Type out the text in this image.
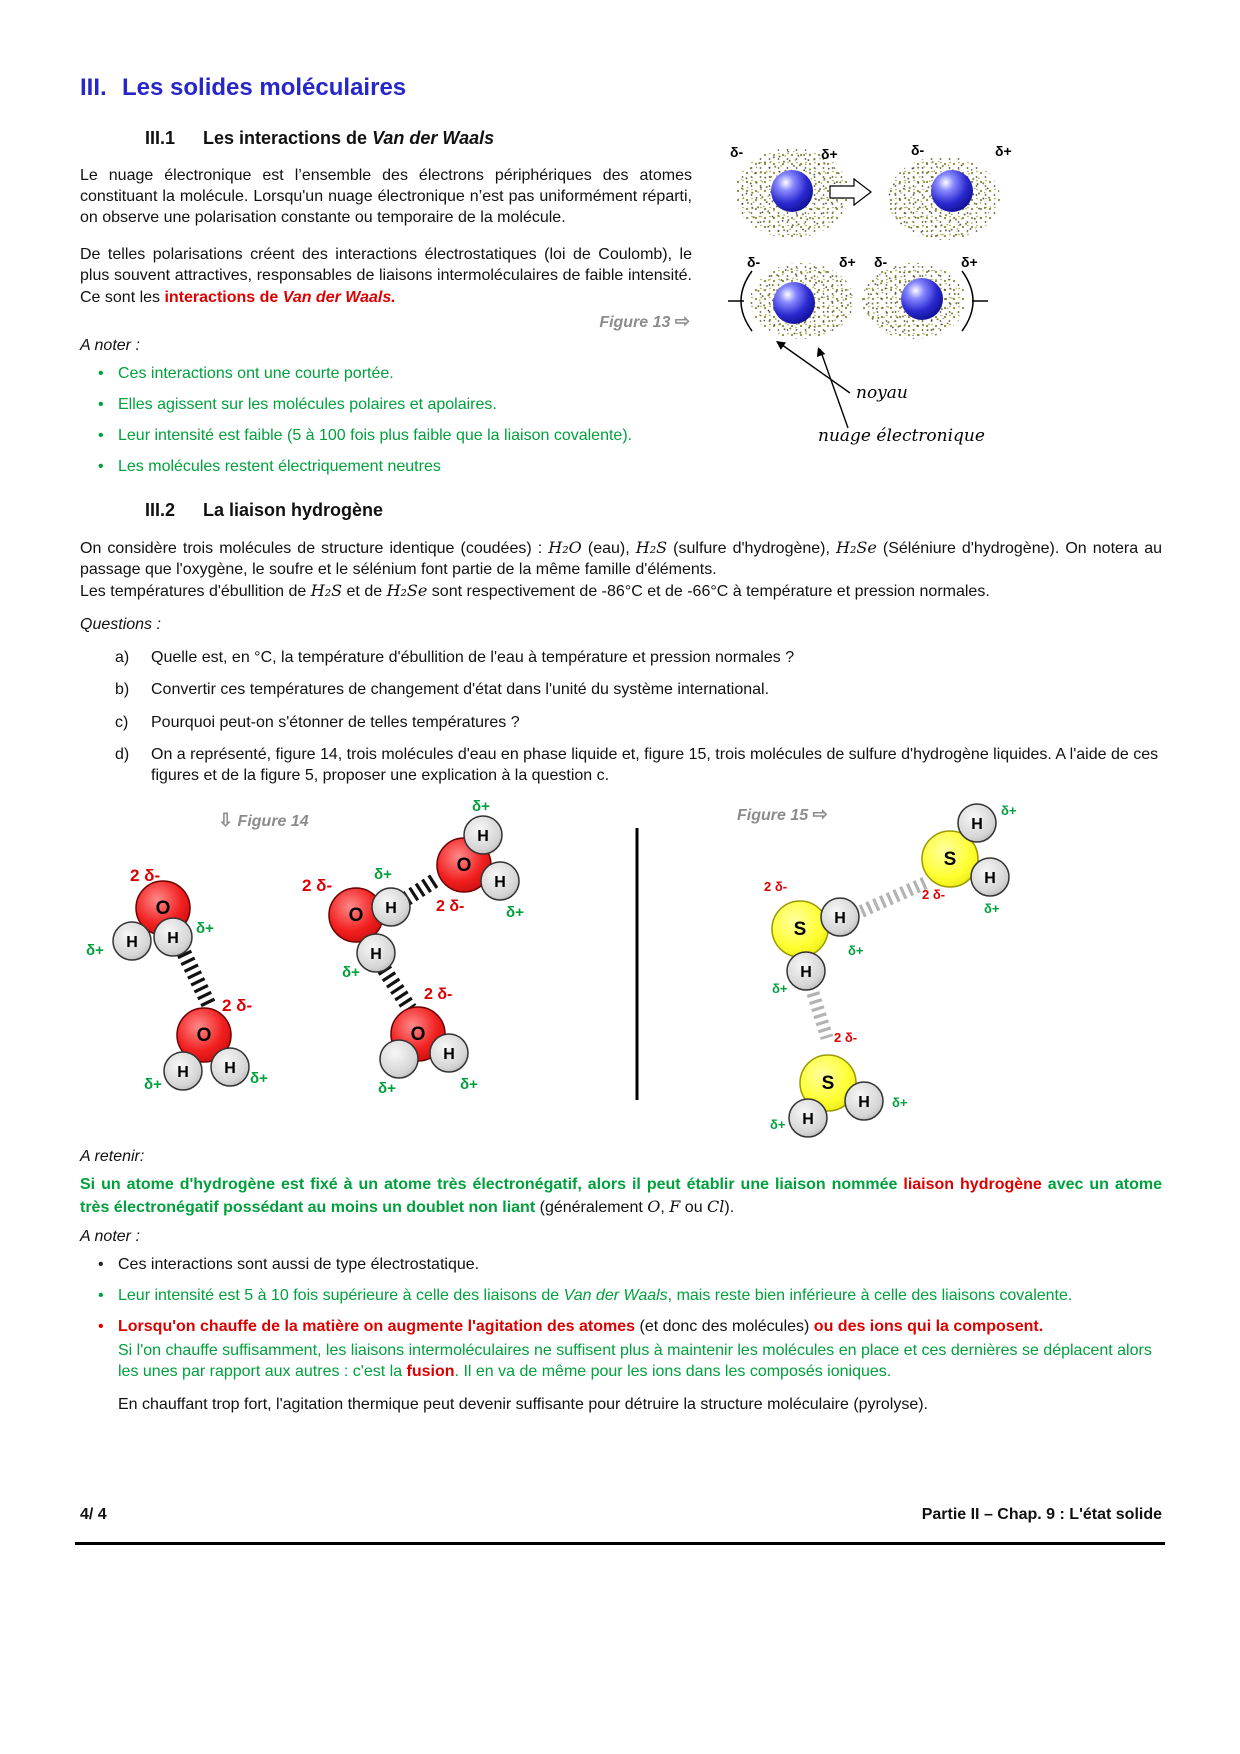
III. Les solides moléculaires
III.1 Les interactions de Van der Waals

Le nuage électronique est l’ensemble des électrons périphériques des atomes constituant la molécule. Lorsqu'un nuage électronique n’est pas uniformément réparti, on observe une polarisation constante ou temporaire de la molécule.

De telles polarisations créent des interactions électrostatiques (loi de Coulomb), le plus souvent attractives, responsables de liaisons intermoléculaires de faible intensité. Ce sont les interactions de Van der Waals.

Figure 13 ⇨
A noter :
• Ces interactions ont une courte portée.
• Elles agissent sur les molécules polaires et apolaires.
• Leur intensité est faible (5 à 100 fois plus faible que la liaison covalente).
• Les molécules restent électriquement neutres
δ-	δ+	δ-	δ+
δ-	δ+ δ-	δ+
noyau
nuage électronique
III.2 La liaison hydrogène

On considère trois molécules de structure identique (coudées) : H₂O (eau), H₂S (sulfure d'hydrogène), H₂Se (Séléniure d'hydrogène). On notera au passage que l'oxygène, le soufre et le sélénium font partie de la même famille d'éléments.

Les températures d'ébullition de H₂S et de H₂Se sont respectivement de -86°C et de -66°C à température et pression normales.

Questions :
a)	Quelle est, en °C, la température d'ébullition de l'eau à température et pression normales ?
b)	Convertir ces températures de changement d'état dans l'unité du système international.
c)	Pourquoi peut-on s'étonner de telles températures ?
d)	On a représenté, figure 14, trois molécules d'eau en phase liquide et, figure 15, trois molécules de sulfure d'hydrogène liquides. A l'aide de ces figures et de la figure 5, proposer une explication à la question c.
⇩ Figure 14	Figure 15 ⇨
O
H H
2 δ-
δ+
δ+
O
H H
2 δ-
δ+	δ+
O H
H
2 δ-
δ+
δ+
O
H
H
δ+
2 δ-	δ+
O
H
2 δ-
δ+	δ+
S
H
H
δ+
δ+
2 δ-
S
H
H
2 δ-
δ+
δ+
S
H
H
2 δ-
δ+
δ+
A retenir:

Si un atome d'hydrogène est fixé à un atome très électronégatif, alors il peut établir une liaison nommée liaison hydrogène avec un atome très électronégatif possédant au moins un doublet non liant (généralement O, F ou Cl).

A noter :
• Ces interactions sont aussi de type électrostatique.
• Leur intensité est 5 à 10 fois supérieure à celle des liaisons de Van der Waals, mais reste bien inférieure à celle des liaisons covalente.
• Lorsqu'on chauffe de la matière on augmente l'agitation des atomes (et donc des molécules) ou des ions qui la composent.
Si l'on chauffe suffisamment, les liaisons intermoléculaires ne suffisent plus à maintenir les molécules en place et ces dernières se déplacent alors les unes par rapport aux autres : c'est la fusion. Il en va de même pour les ions dans les composés ioniques.

En chauffant trop fort, l'agitation thermique peut devenir suffisante pour détruire la structure moléculaire (pyrolyse).

4/ 4	Partie II – Chap. 9 : L'état solide
